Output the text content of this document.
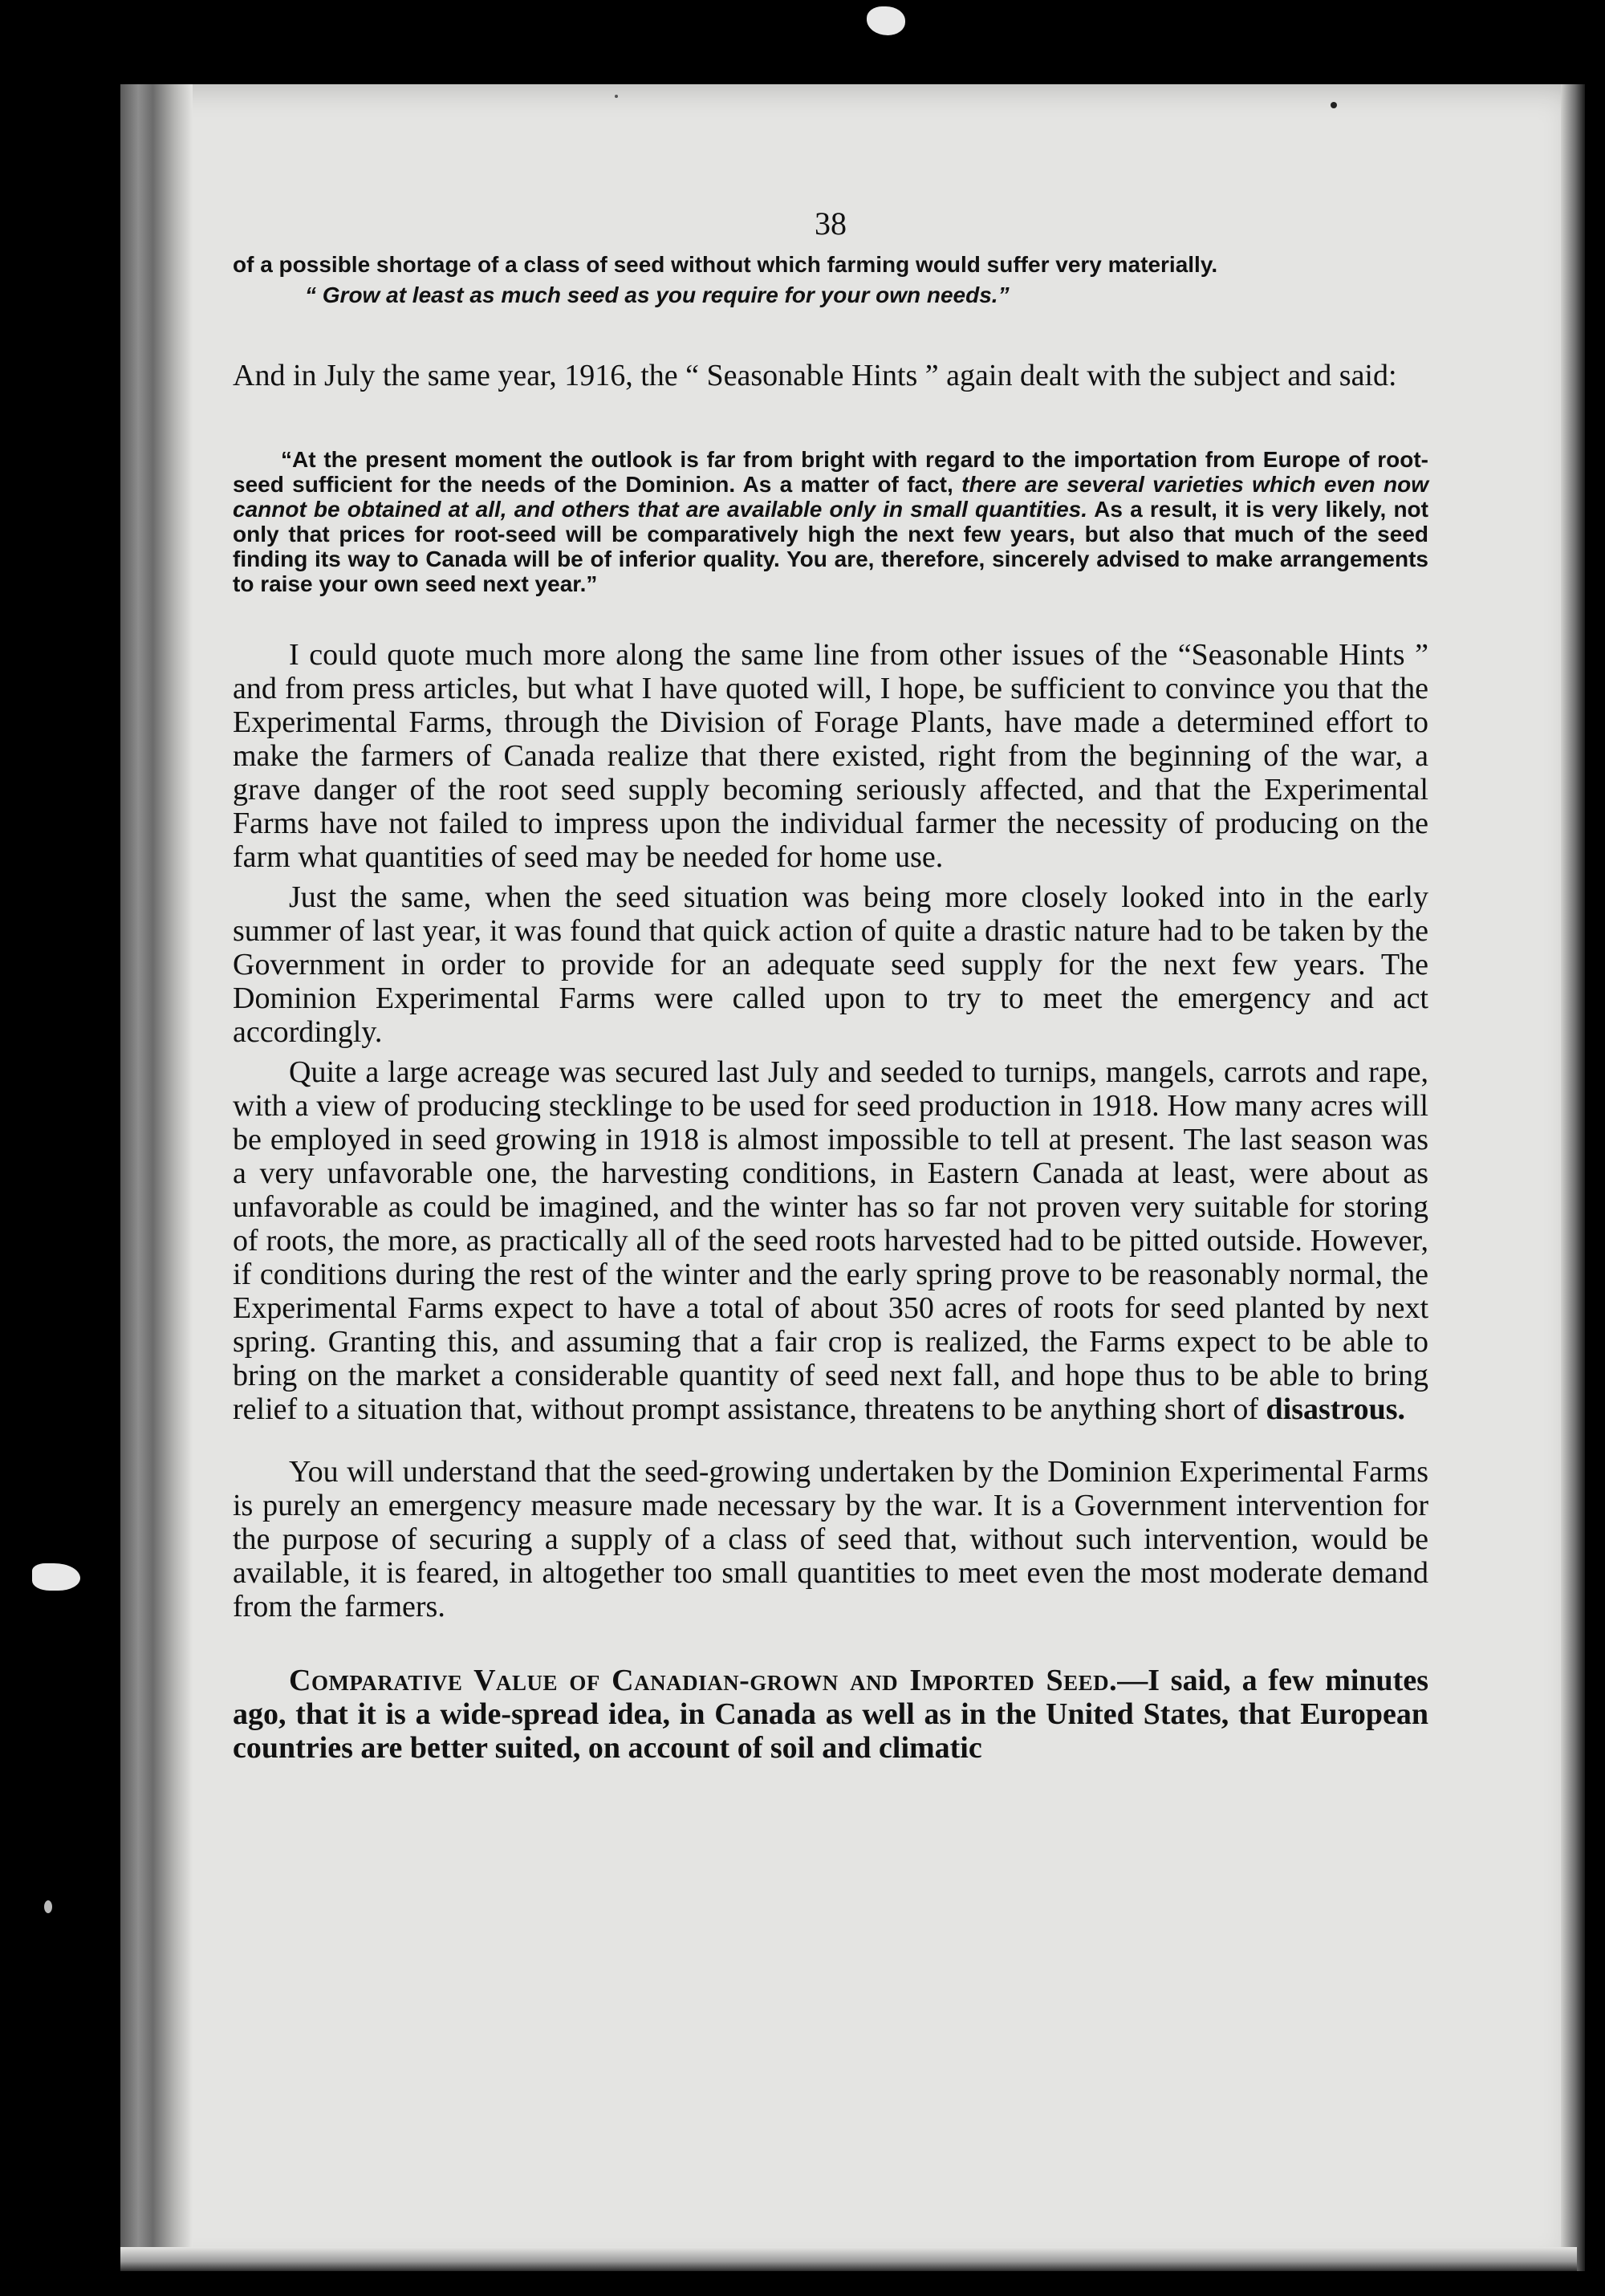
38

of a possible shortage of a class of seed without which farming would suffer very materially.

“ Grow at least as much seed as you require for your own needs.”

And in July the same year, 1916, the “ Seasonable Hints ” again dealt with the subject and said:

“At the present moment the outlook is far from bright with regard to the importation from Europe of root-seed sufficient for the needs of the Dominion. As a matter of fact, there are several varieties which even now cannot be obtained at all, and others that are available only in small quantities. As a result, it is very likely, not only that prices for root-seed will be comparatively high the next few years, but also that much of the seed finding its way to Canada will be of inferior quality. You are, therefore, sincerely advised to make arrangements to raise your own seed next year.”

I could quote much more along the same line from other issues of the “Seasonable Hints ” and from press articles, but what I have quoted will, I hope, be sufficient to convince you that the Experimental Farms, through the Division of Forage Plants, have made a determined effort to make the farmers of Canada realize that there existed, right from the beginning of the war, a grave danger of the root seed supply becoming seriously affected, and that the Experimental Farms have not failed to impress upon the individual farmer the necessity of producing on the farm what quantities of seed may be needed for home use.

Just the same, when the seed situation was being more closely looked into in the early summer of last year, it was found that quick action of quite a drastic nature had to be taken by the Government in order to provide for an adequate seed supply for the next few years. The Dominion Experimental Farms were called upon to try to meet the emergency and act accordingly.

Quite a large acreage was secured last July and seeded to turnips, mangels, carrots and rape, with a view of producing stecklinge to be used for seed production in 1918. How many acres will be employed in seed growing in 1918 is almost impossible to tell at present. The last season was a very unfavorable one, the harvesting conditions, in Eastern Canada at least, were about as unfavorable as could be imagined, and the winter has so far not proven very suitable for storing of roots, the more, as practically all of the seed roots harvested had to be pitted outside. However, if conditions during the rest of the winter and the early spring prove to be reasonably normal, the Experimental Farms expect to have a total of about 350 acres of roots for seed planted by next spring. Granting this, and assuming that a fair crop is realized, the Farms expect to be able to bring on the market a considerable quantity of seed next fall, and hope thus to be able to bring relief to a situation that, without prompt assistance, threatens to be anything short of disastrous.

You will understand that the seed-growing undertaken by the Dominion Experimental Farms is purely an emergency measure made necessary by the war. It is a Government intervention for the purpose of securing a supply of a class of seed that, without such intervention, would be available, it is feared, in altogether too small quantities to meet even the most moderate demand from the farmers.

Comparative Value of Canadian-grown and Imported Seed.—I said, a few minutes ago, that it is a wide-spread idea, in Canada as well as in the United States, that European countries are better suited, on account of soil and climatic
